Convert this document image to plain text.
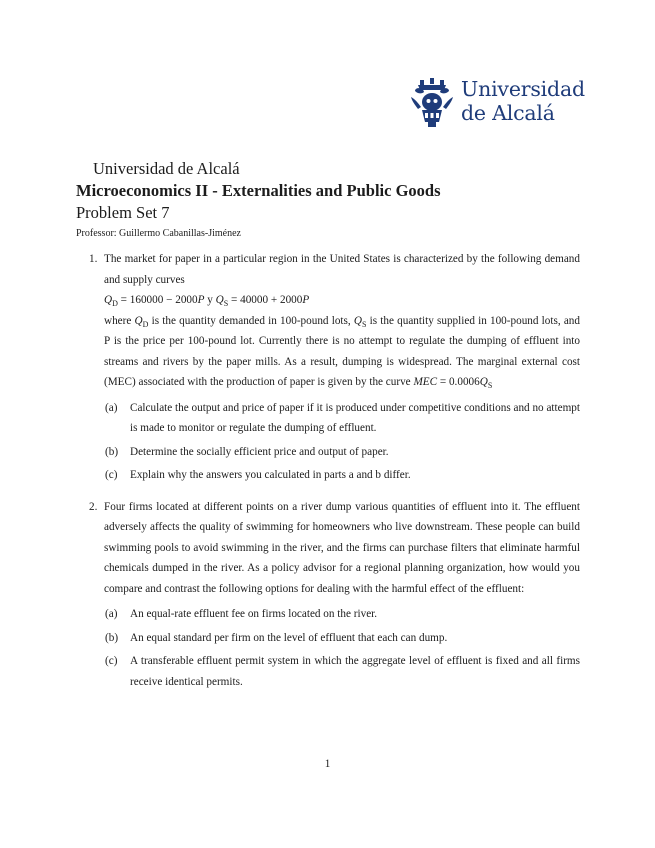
Universidad
de Alcalá
Universidad de Alcalá
Microeconomics II - Externalities and Public Goods
Problem Set 7
Professor: Guillermo Cabanillas-Jiménez
1. The market for paper in a particular region in the United States is characterized by the following demand and supply curves

$Q_D = 160000 - 2000P$ y $Q_S = 40000 + 2000P$

where $Q_D$ is the quantity demanded in 100-pound lots, $Q_S$ is the quantity supplied in 100-pound lots, and P is the price per 100-pound lot. Currently there is no attempt to regulate the dumping of effluent into streams and rivers by the paper mills. As a result, dumping is widespread. The marginal external cost (MEC) associated with the production of paper is given by the curve MEC = $0.0006Q_S$

(a) Calculate the output and price of paper if it is produced under competitive conditions and no attempt is made to monitor or regulate the dumping of effluent.
(b) Determine the socially efficient price and output of paper.
(c) Explain why the answers you calculated in parts a and b differ.
2. Four firms located at different points on a river dump various quantities of effluent into it. The effluent adversely affects the quality of swimming for homeowners who live downstream. These people can build swimming pools to avoid swimming in the river, and the firms can purchase filters that eliminate harmful chemicals dumped in the river. As a policy advisor for a regional planning organization, how would you compare and contrast the following options for dealing with the harmful effect of the effluent:

(a) An equal-rate effluent fee on firms located on the river.
(b) An equal standard per firm on the level of effluent that each can dump.
(c) A transferable effluent permit system in which the aggregate level of effluent is fixed and all firms receive identical permits.
1
